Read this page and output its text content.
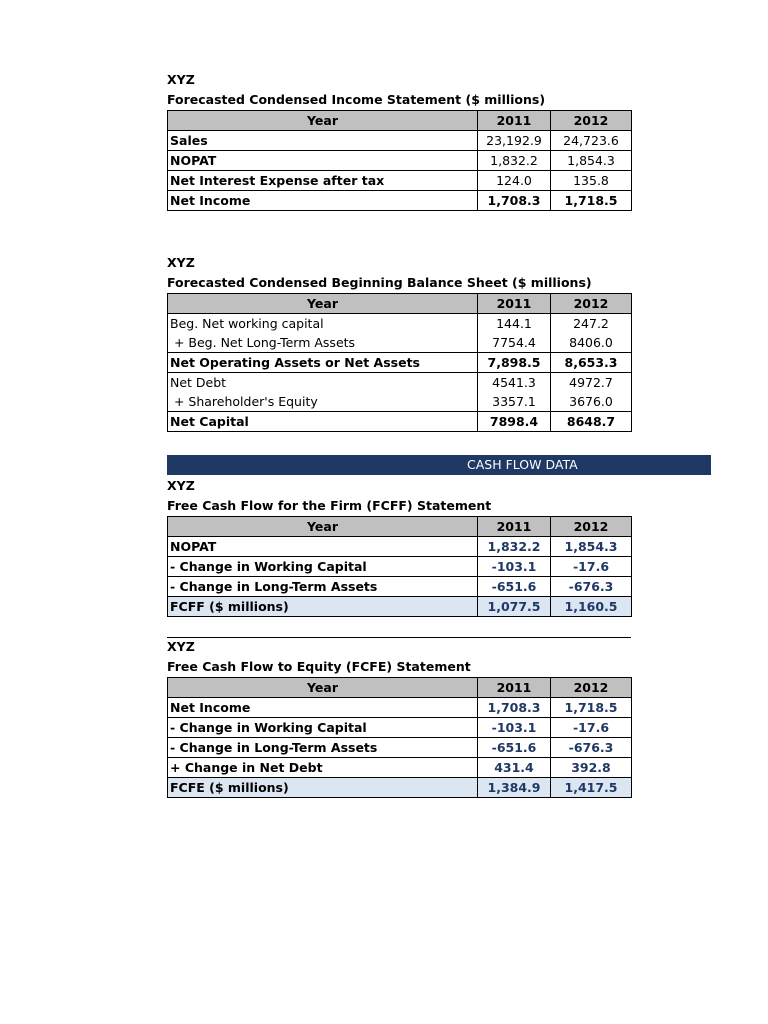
XYZ
Forecasted Condensed Income Statement ($ millions)
Year	2011	2012
Sales	23,192.9	24,723.6
NOPAT	1,832.2	1,854.3
Net Interest Expense after tax	124.0	135.8
Net Income	1,708.3	1,718.5
XYZ
Forecasted Condensed Beginning Balance Sheet ($ millions)
Year	2011	2012
Beg. Net working capital	144.1	247.2
+ Beg. Net Long-Term Assets	7754.4	8406.0
Net Operating Assets or Net Assets	7,898.5	8,653.3
Net Debt	4541.3	4972.7
+ Shareholder's Equity	3357.1	3676.0
Net Capital	7898.4	8648.7
CASH FLOW DATA
XYZ
Free Cash Flow for the Firm (FCFF) Statement
Year	2011	2012
NOPAT	1,832.2	1,854.3
- Change in Working Capital	-103.1	-17.6
- Change in Long-Term Assets	-651.6	-676.3
FCFF ($ millions)	1,077.5	1,160.5
XYZ
Free Cash Flow to Equity (FCFE) Statement
Year	2011	2012
Net Income	1,708.3	1,718.5
- Change in Working Capital	-103.1	-17.6
- Change in Long-Term Assets	-651.6	-676.3
+ Change in Net Debt	431.4	392.8
FCFE ($ millions)	1,384.9	1,417.5
